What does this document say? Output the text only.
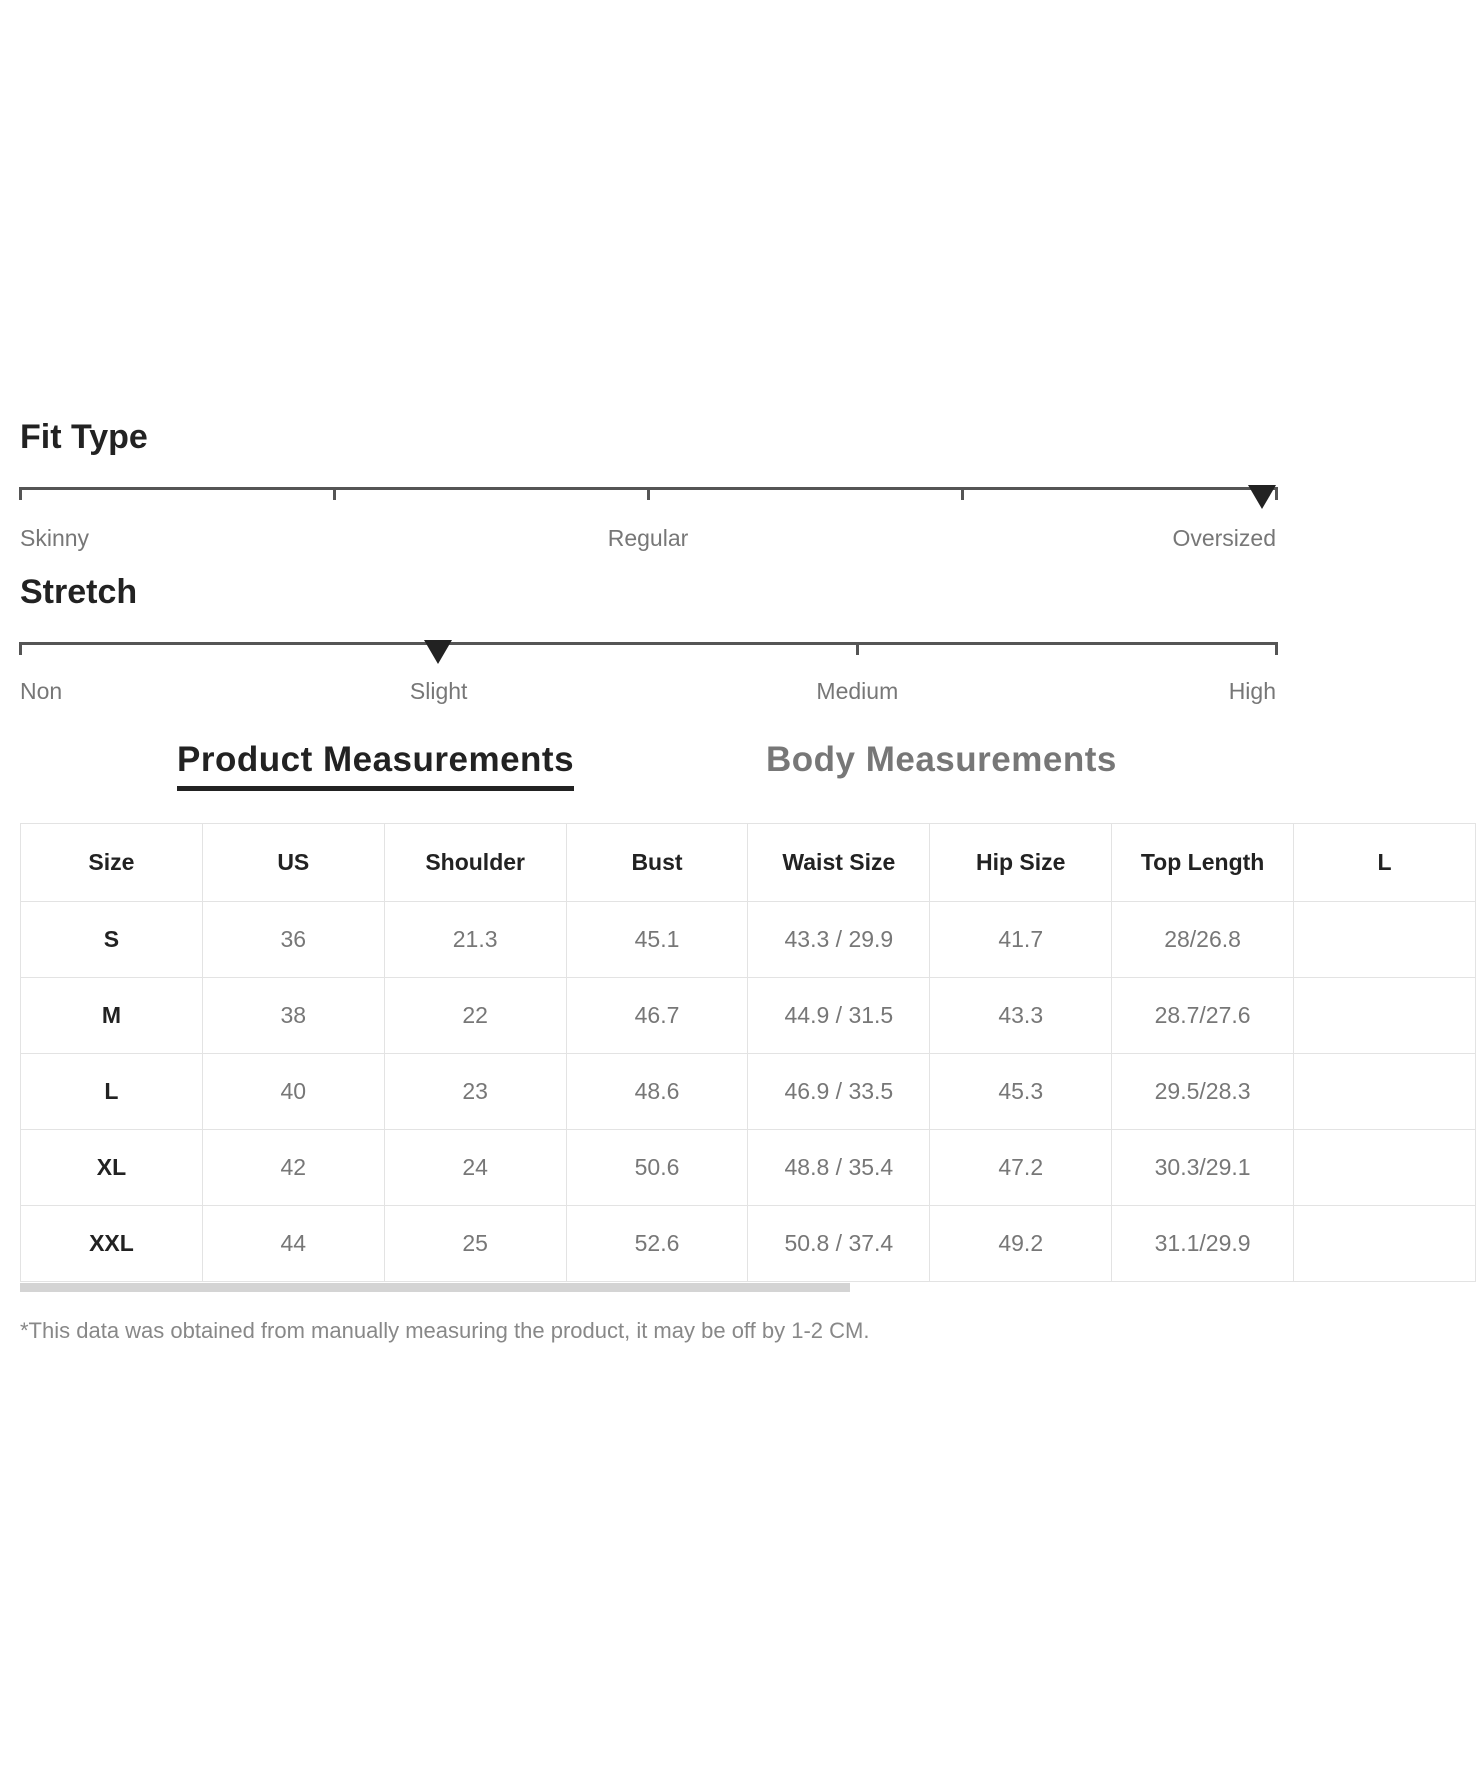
Fit Type
Skinny	Regular	Oversized
Stretch
Non	Slight	Medium	High
Product Measurements	Body Measurements
Size	US	Shoulder	Bust	Waist Size	Hip Size	Top Length	L
S	36	21.3	45.1	43.3 / 29.9	41.7	28/26.8	
M	38	22	46.7	44.9 / 31.5	43.3	28.7/27.6	
L	40	23	48.6	46.9 / 33.5	45.3	29.5/28.3	
XL	42	24	50.6	48.8 / 35.4	47.2	30.3/29.1	
XXL	44	25	52.6	50.8 / 37.4	49.2	31.1/29.9	
*This data was obtained from manually measuring the product, it may be off by 1-2 CM.
